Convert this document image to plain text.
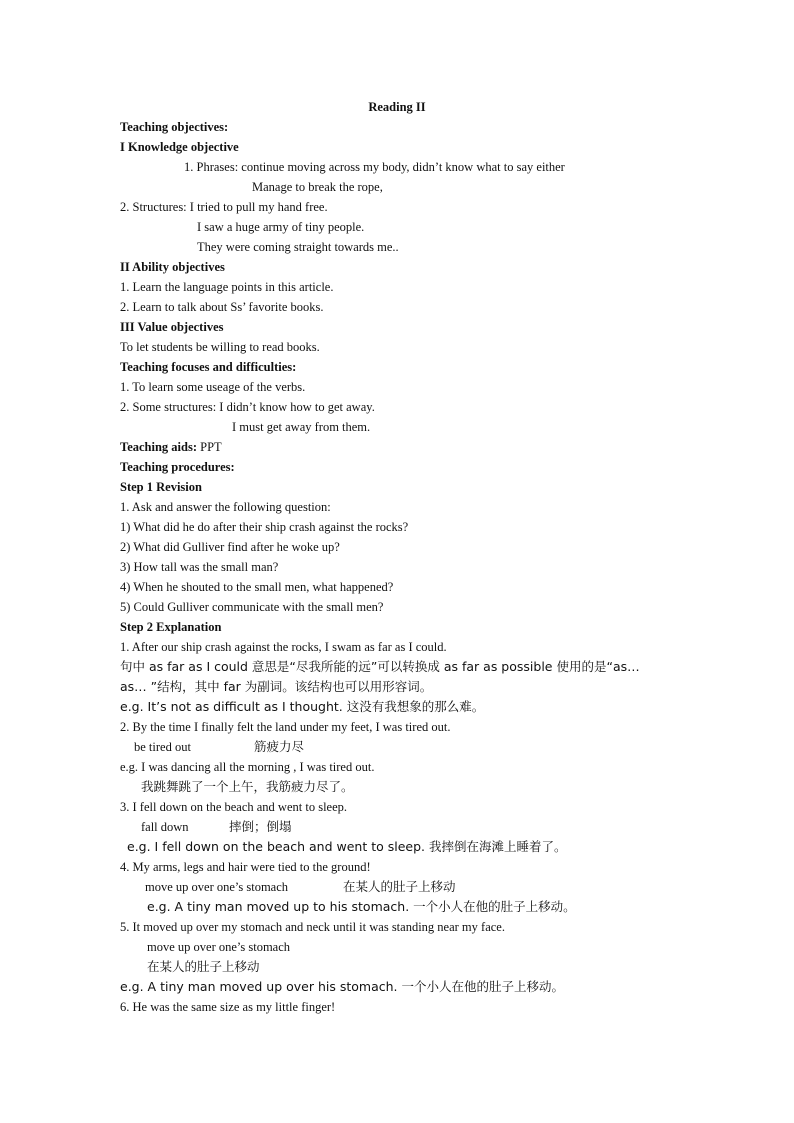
Reading II
Teaching objectives:
I Knowledge objective
1. Phrases: continue moving across my body, didn’t know what to say either
Manage to break the rope,
2. Structures: I tried to pull my hand free.
I saw a huge army of tiny people.
They were coming straight towards me..
II Ability objectives
1. Learn the language points in this article.
2. Learn to talk about Ss’ favorite books.
III Value objectives
To let students be willing to read books.
Teaching focuses and difficulties:
1. To learn some useage of the verbs.
2. Some structures: I didn’t know how to get away.
I must get away from them.
Teaching aids: PPT
Teaching procedures:
Step 1 Revision
1. Ask and answer the following question:
1) What did he do after their ship crash against the rocks?
2) What did Gulliver find after he woke up?
3) How tall was the small man?
4) When he shouted to the small men, what happened?
5) Could Gulliver communicate with the small men?
Step 2 Explanation
1. After our ship crash against the rocks, I swam as far as I could.
句中 as far as I could 意思是“尽我所能的远”可以转换成 as far as possible 使用的是“as…
as… ”结构，其中 far 为副词。该结构也可以用形容词。
e.g. It’s not as difficult as I thought. 这没有我想象的那么难。
2. By the time I finally felt the land under my feet, I was tired out.
be tired out	筋疲力尽
e.g. I was dancing all the morning , I was tired out.
我跳舞跳了一个上午，我筋疲力尽了。
3. I fell down on the beach and went to sleep.
fall down	摔倒；倒塌
e.g. I fell down on the beach and went to sleep. 我摔倒在海滩上睡着了。
4. My arms, legs and hair were tied to the ground!
move up over one’s stomach	在某人的肚子上移动
e.g. A tiny man moved up to his stomach. 一个小人在他的肚子上移动。
5. It moved up over my stomach and neck until it was standing near my face.
move up over one’s stomach
在某人的肚子上移动
e.g. A tiny man moved up over his stomach. 一个小人在他的肚子上移动。
6. He was the same size as my little finger!
